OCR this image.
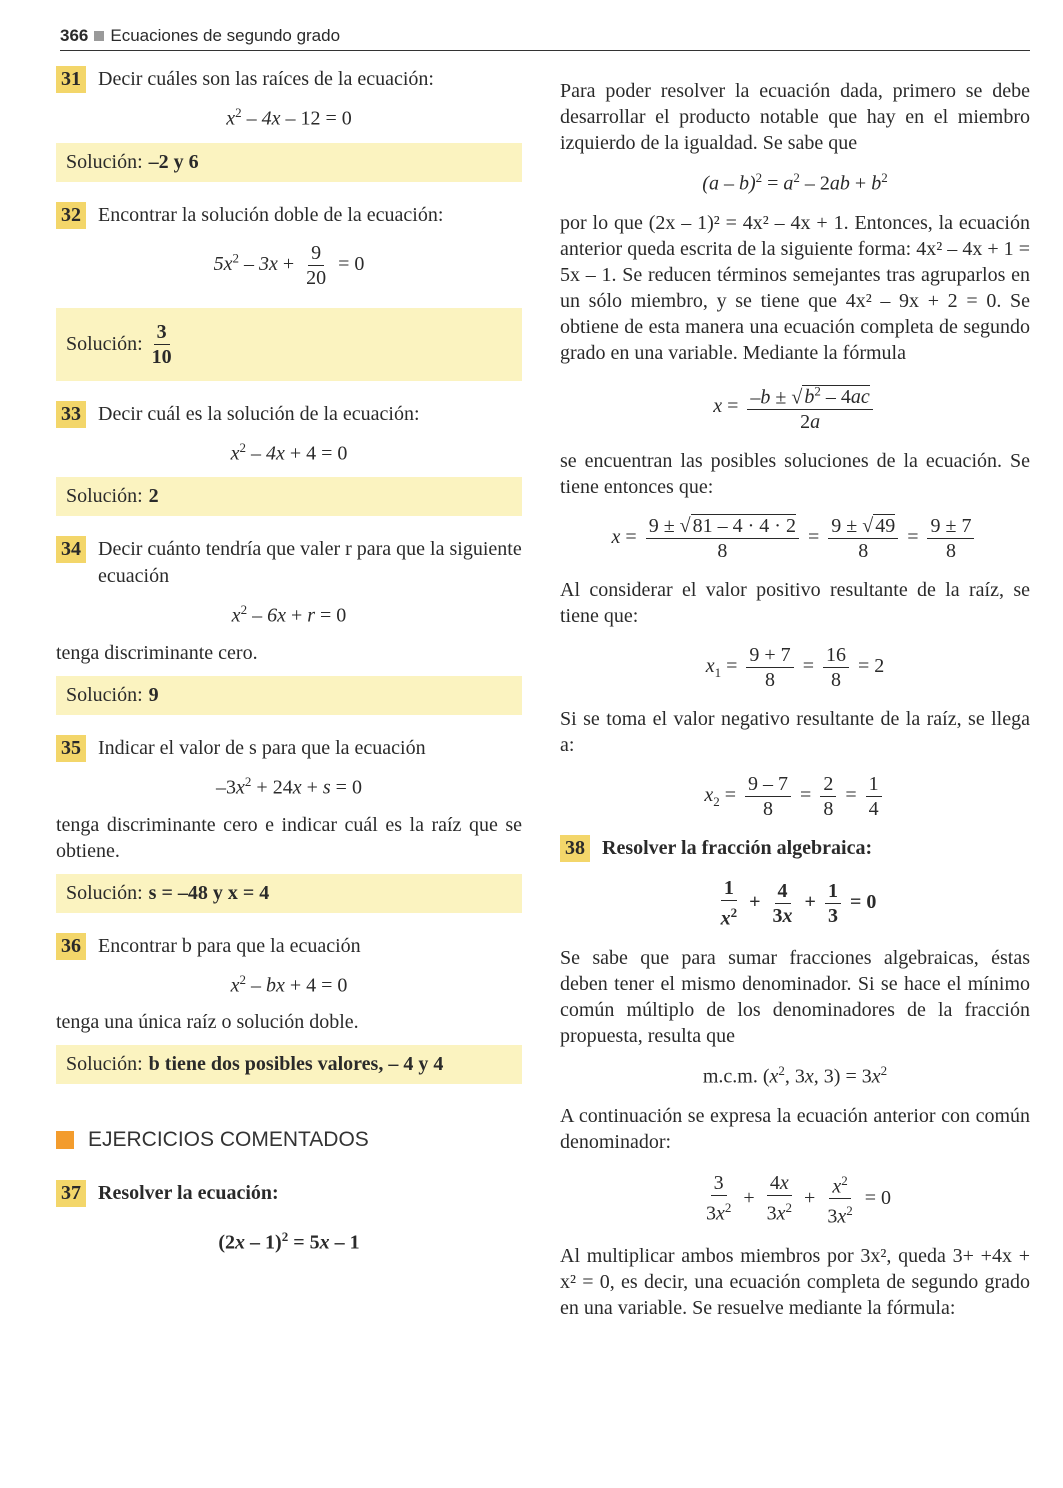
366 Ecuaciones de segundo grado
31 Decir cuáles son las raíces de la ecuación:
$x^2 - 4x - 12 = 0$
Solución: –2 y 6
32 Encontrar la solución doble de la ecuación:
$5x^2 - 3x + \frac{9}{20} = 0$
Solución: $\frac{3}{10}$
33 Decir cuál es la solución de la ecuación:
$x^2 - 4x + 4 = 0$
Solución: 2
34 Decir cuánto tendría que valer r para que la siguiente ecuación
$x^2 - 6x + r = 0$

tenga discriminante cero.

Solución: 9
35 Indicar el valor de s para que la ecuación
$-3x^2 + 24x + s = 0$

tenga discriminante cero e indicar cuál es la raíz que se obtiene.

Solución: s = –48 y x = 4
36 Encontrar b para que la ecuación
$x^2$ – bx + 4 = 0

tenga una única raíz o solución doble.

Solución: b tiene dos posibles valores, – 4 y 4
EJERCICIOS COMENTADOS
37 Resolver la ecuación:
(2x – 1)$^2$ = 5x – 1

Para poder resolver la ecuación dada, primero se debe desarrollar el producto notable que hay en el miembro izquierdo de la igualdad. Se sabe que

$(a - b)^2 = a^2 - 2ab + b^2$

por lo que (2x – 1)² = 4x² – 4x + 1. Entonces, la ecuación anterior queda escrita de la siguiente forma: 4x² – 4x + 1 = 5x – 1. Se reducen términos semejantes tras agruparlos en un sólo miembro, y se tiene que 4x² – 9x + 2 = 0. Se obtiene de esta manera una ecuación completa de segundo grado en una variable. Mediante la fórmula

$x = \frac{-b \pm √ b^2 - 4ac}{2a}$

se encuentran las posibles soluciones de la ecuación. Se tiene entonces que:

$x = \frac{9 \pm √ 81 - 4 \cdot 4 \cdot 2}{8} = \frac{9 \pm √ 49}{8} = \frac{9 \pm 7}{8}$

Al considerar el valor positivo resultante de la raíz, se tiene que:

$x_1 = \frac{9 + 7}{8} = \frac{16}{8} = 2$

Si se toma el valor negativo resultante de la raíz, se llega a:

$x_2 = \frac{9 - 7}{8} = \frac{2}{8} = \frac{1}{4}$
38 Resolver la fracción algebraica:
$\frac{1}{x^2} + \frac{4}{3x} + \frac{1}{3} = 0$

Se sabe que para sumar fracciones algebraicas, éstas deben tener el mismo denominador. Si se hace el mínimo común múltiplo de los denominadores de la fracción propuesta, resulta que

m.c.m. ($x^2$, 3x, $3) = 3x^2$

A continuación se expresa la ecuación anterior con común denominador:

$\frac{3}{3x^2} + \frac{4x}{3x^2} + \frac{x^2}{3x^2} = 0$

Al multiplicar ambos miembros por 3x², queda 3+ +4x + x² = 0, es decir, una ecuación completa de segundo grado en una variable. Se resuelve mediante la fórmula:
